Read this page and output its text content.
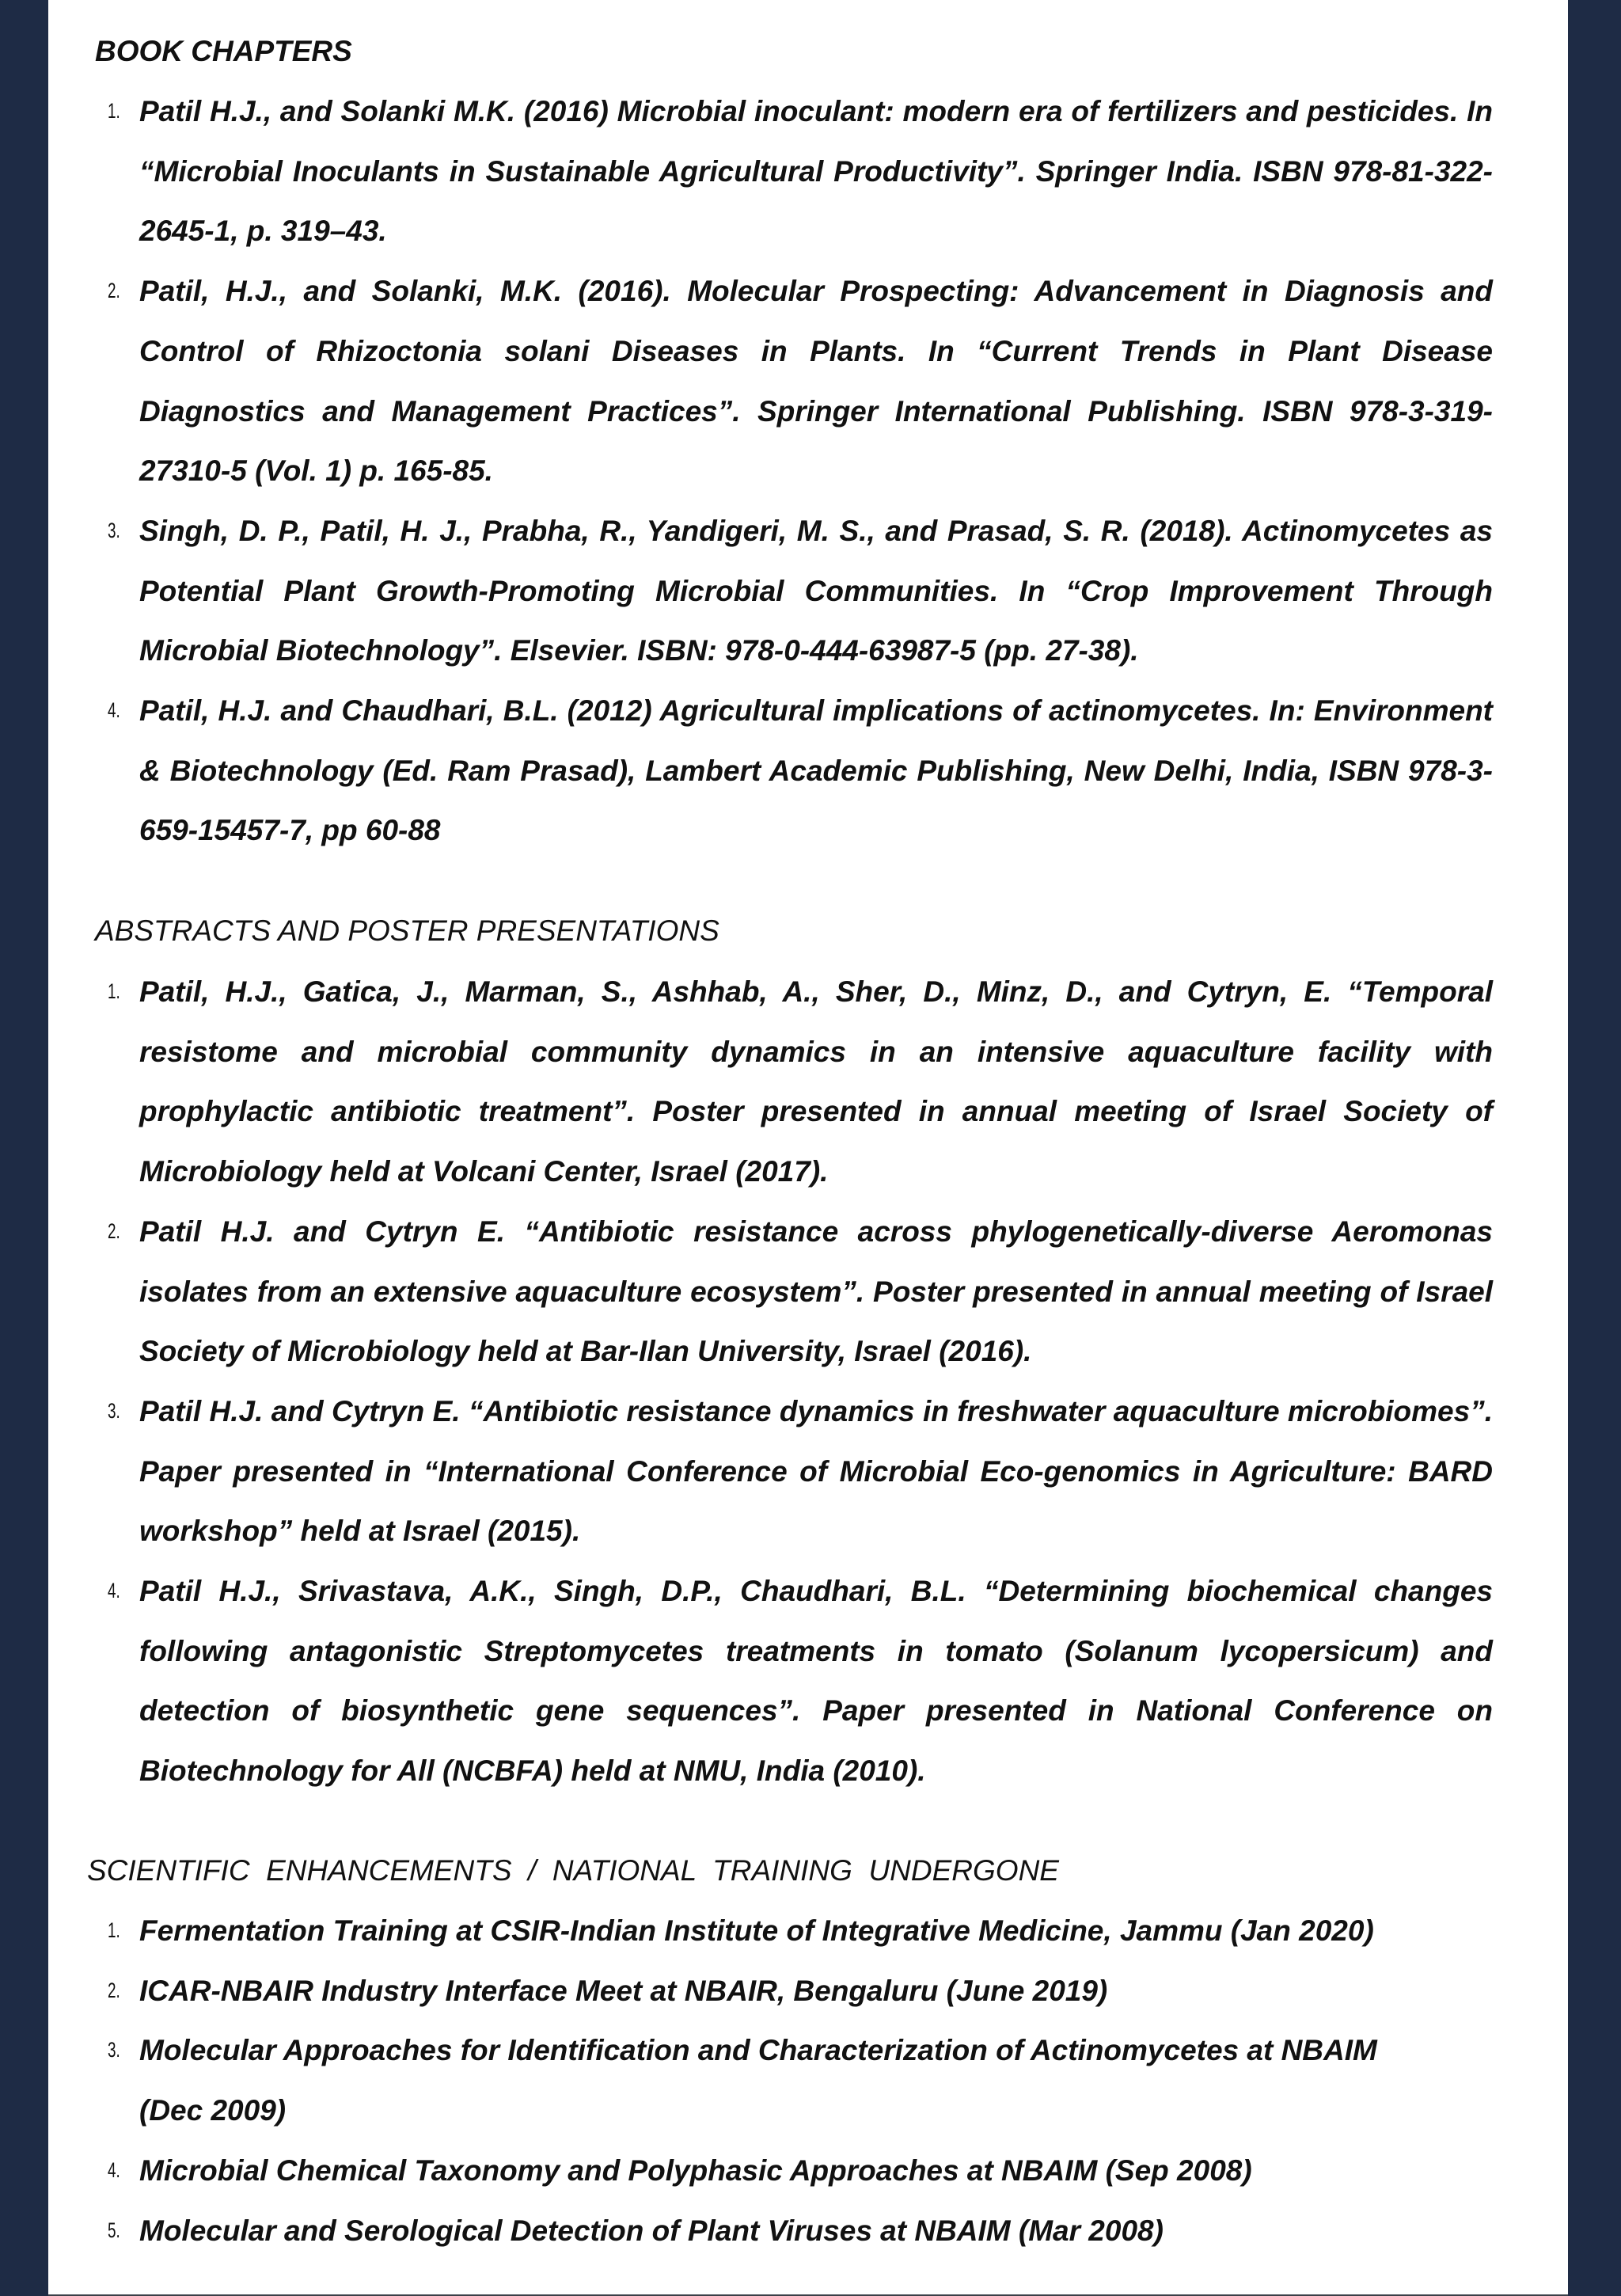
BOOK CHAPTERS
1. Patil H.J., and Solanki M.K. (2016) Microbial inoculant: modern era of fertilizers and pesticides. In “Microbial Inoculants in Sustainable Agricultural Productivity”. Springer India. ISBN 978-81-322-2645-1, p. 319–43.
2. Patil, H.J., and Solanki, M.K. (2016). Molecular Prospecting: Advancement in Diagnosis and Control of Rhizoctonia solani Diseases in Plants. In “Current Trends in Plant Disease Diagnostics and Management Practices”. Springer International Publishing. ISBN 978-3-319-27310-5 (Vol. 1) p. 165-85.
3. Singh, D. P., Patil, H. J., Prabha, R., Yandigeri, M. S., and Prasad, S. R. (2018). Actinomycetes as Potential Plant Growth-Promoting Microbial Communities. In “Crop Improvement Through Microbial Biotechnology”. Elsevier. ISBN: 978-0-444-63987-5 (pp. 27-38).
4. Patil, H.J. and Chaudhari, B.L. (2012) Agricultural implications of actinomycetes. In: Environment & Biotechnology (Ed. Ram Prasad), Lambert Academic Publishing, New Delhi, India, ISBN 978-3-659-15457-7, pp 60-88
ABSTRACTS AND POSTER PRESENTATIONS
1. Patil, H.J., Gatica, J., Marman, S., Ashhab, A., Sher, D., Minz, D., and Cytryn, E. “Temporal resistome and microbial community dynamics in an intensive aquaculture facility with prophylactic antibiotic treatment”. Poster presented in annual meeting of Israel Society of Microbiology held at Volcani Center, Israel (2017).
2. Patil H.J. and Cytryn E. “Antibiotic resistance across phylogenetically-diverse Aeromonas isolates from an extensive aquaculture ecosystem”. Poster presented in annual meeting of Israel Society of Microbiology held at Bar-Ilan University, Israel (2016).
3. Patil H.J. and Cytryn E. “Antibiotic resistance dynamics in freshwater aquaculture microbiomes”. Paper presented in “International Conference of Microbial Eco-genomics in Agriculture: BARD workshop” held at Israel (2015).
4. Patil H.J., Srivastava, A.K., Singh, D.P., Chaudhari, B.L. “Determining biochemical changes following antagonistic Streptomycetes treatments in tomato (Solanum lycopersicum) and detection of biosynthetic gene sequences”. Paper presented in National Conference on Biotechnology for All (NCBFA) held at NMU, India (2010).
SCIENTIFIC  ENHANCEMENTS  /  NATIONAL  TRAINING  UNDERGONE
1. Fermentation Training at CSIR-Indian Institute of Integrative Medicine, Jammu (Jan 2020)
2. ICAR-NBAIR Industry Interface Meet at NBAIR, Bengaluru (June 2019)
3. Molecular Approaches for Identification and Characterization of Actinomycetes at NBAIM (Dec 2009)
4. Microbial Chemical Taxonomy and Polyphasic Approaches at NBAIM (Sep 2008)
5. Molecular and Serological Detection of Plant Viruses at NBAIM (Mar 2008)
